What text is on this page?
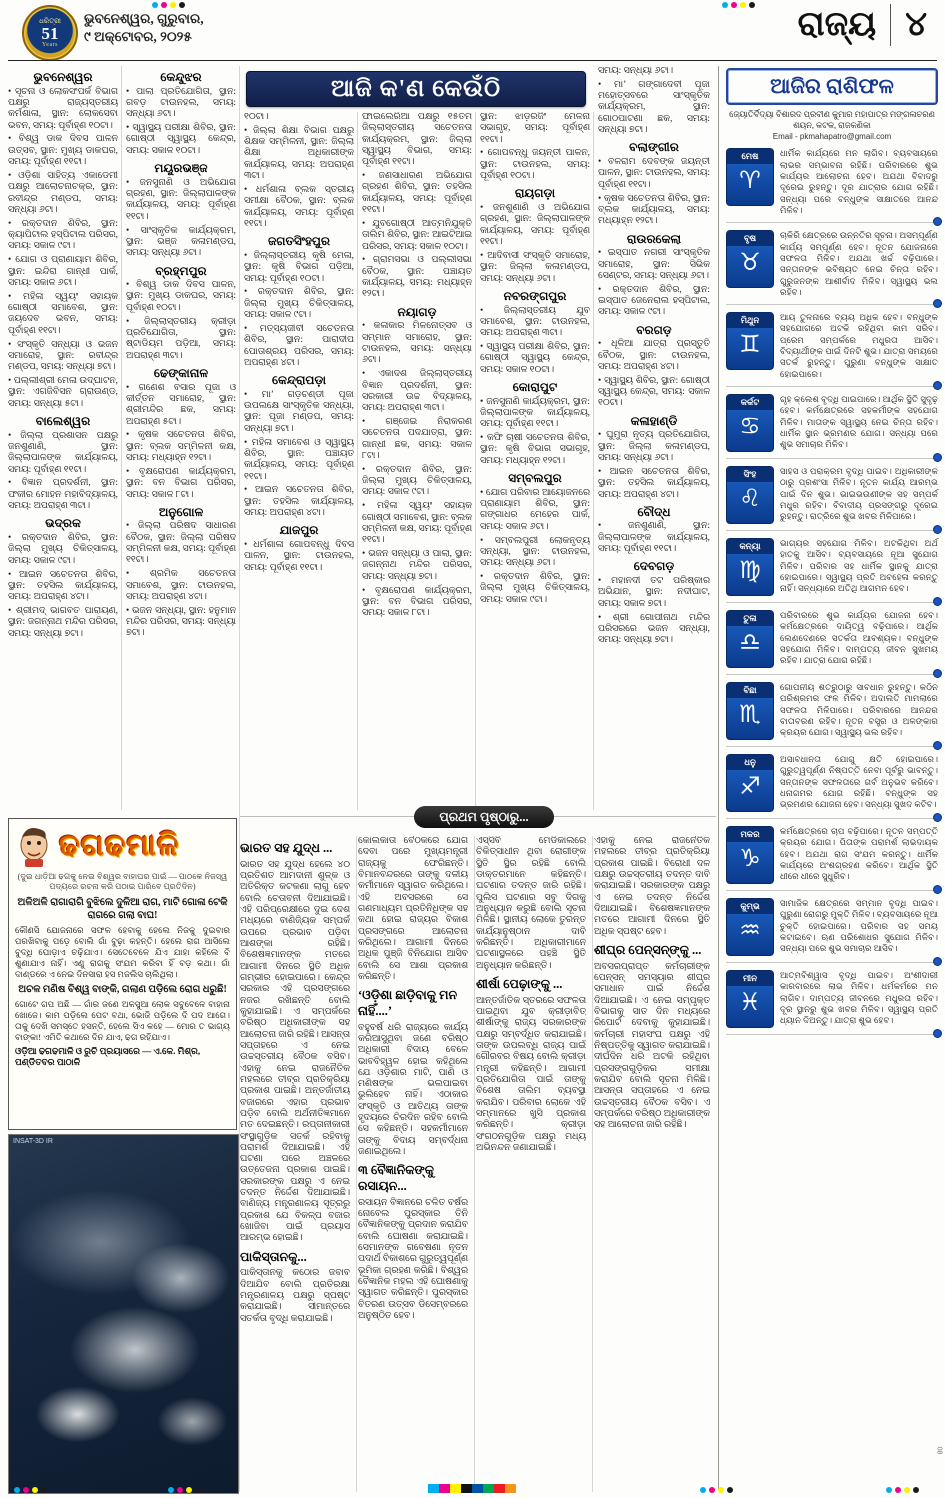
ଧରିତ୍ରୀ
51
Years
ଭୁବନେଶ୍ୱର, ଗୁରୁବାର,
୯ ଅକ୍ଟୋବର, ୨୦୨୫	ରାଜ୍ୟ ୪
ଆଜି କ'ଣ କେଉଁଠି
ଭୁବନେଶ୍ୱର
• ସୂଚନା ଓ ଲୋକସଂପର୍କ ବିଭାଗ ପକ୍ଷରୁ ରାଜ୍ୟସ୍ତରୀୟ କର୍ମଶାଳା, ସ୍ଥାନ: ଲୋକସେବା ଭବନ, ସମୟ: ପୂର୍ବାହ୍ଣ ୧୦ଟା।
• ବିଶ୍ୱ ଡାକ ଦିବସ ପାଳନ ଉତ୍ସବ, ସ୍ଥାନ: ମୁଖ୍ୟ ଡାକଘର, ସମୟ: ପୂର୍ବାହ୍ଣ ୧୧ଟା।
• ଓଡ଼ିଶା ସାହିତ୍ୟ ଏକାଡେମୀ ପକ୍ଷରୁ ଆଲୋଚନାଚକ୍ର, ସ୍ଥାନ: ରବୀନ୍ଦ୍ର ମଣ୍ଡପ, ସମୟ: ସନ୍ଧ୍ୟା ୬ଟା।
• ରକ୍ତଦାନ ଶିବିର, ସ୍ଥାନ: କ୍ୟାପିଟାଲ ହସ୍ପିଟାଲ ପରିସର, ସମୟ: ସକାଳ ୯ଟା।
• ଯୋଗ ଓ ପ୍ରାଣାୟାମ ଶିବିର, ସ୍ଥାନ: ଇନ୍ଦିରା ଗାନ୍ଧୀ ପାର୍କ, ସମୟ: ସକାଳ ୬ଟା।
• ମହିଳା ସ୍ୱୟଂ ସହାୟକ ଗୋଷ୍ଠୀ ସମାବେଶ, ସ୍ଥାନ: ଜୟଦେବ ଭବନ, ସମୟ: ପୂର୍ବାହ୍ଣ ୧୧ଟା।
• ସଂସ୍କୃତି ସନ୍ଧ୍ୟା ଓ ଭଜନ ସମାରୋହ, ସ୍ଥାନ: ରବୀନ୍ଦ୍ର ମଣ୍ଡପ, ସମୟ: ସନ୍ଧ୍ୟା ୭ଟା।
• ପଲ୍ଲୀଶ୍ରୀ ମେଳା ଉଦ୍‌ଘାଟନ, ସ୍ଥାନ: ଏଗଜିବିସନ ଗ୍ରାଉଣ୍ଡ, ସମୟ: ସନ୍ଧ୍ୟା ୫ଟା।
ବାଲେଶ୍ୱର
• ଜିଲ୍ଲା ପ୍ରଶାସନ ପକ୍ଷରୁ ଜନଶୁଣାଣି, ସ୍ଥାନ: ଜିଲ୍ଲାପାଳଙ୍କ କାର୍ଯ୍ୟାଳୟ, ସମୟ: ପୂର୍ବାହ୍ଣ ୧୧ଟା।
• ବିଜ୍ଞାନ ପ୍ରଦର୍ଶନୀ, ସ୍ଥାନ: ଫକୀର ମୋହନ ମହାବିଦ୍ୟାଳୟ, ସମୟ: ଅପରାହ୍ଣ ୩ଟା।
ଭଦ୍ରକ
• ରକ୍ତଦାନ ଶିବିର, ସ୍ଥାନ: ଜିଲ୍ଲା ମୁଖ୍ୟ ଚିକିତ୍ସାଳୟ, ସମୟ: ସକାଳ ୯ଟା।
• ଆଇନ ସଚେତନତା ଶିବିର, ସ୍ଥାନ: ତହସିଲ କାର୍ଯ୍ୟାଳୟ, ସମୟ: ଅପରାହ୍ଣ ୪ଟା।
• ଶ୍ରୀମଦ୍ ଭାଗବତ ପାରାୟଣ, ସ୍ଥାନ: ଜଗନ୍ନାଥ ମନ୍ଦିର ପରିସର, ସମୟ: ସନ୍ଧ୍ୟା ୭ଟା।
କେନ୍ଦୁଝର
• ପାଲା ପ୍ରତିଯୋଗିତା, ସ୍ଥାନ: ଗବଡ଼ ଟାଉନହଲ, ସମୟ: ସନ୍ଧ୍ୟା ୬ଟା।
• ସ୍ୱାସ୍ଥ୍ୟ ପରୀକ୍ଷା ଶିବିର, ସ୍ଥାନ: ଗୋଷ୍ଠୀ ସ୍ୱାସ୍ଥ୍ୟ କେନ୍ଦ୍ର, ସମୟ: ସକାଳ ୧୦ଟା।
ମୟୂରଭଞ୍ଜ
• ଜନସୁନାଣି ଓ ଅଭିଯୋଗ ଗ୍ରହଣ, ସ୍ଥାନ: ଜିଲ୍ଲାପାଳଙ୍କ କାର୍ଯ୍ୟାଳୟ, ସମୟ: ପୂର୍ବାହ୍ଣ ୧୧ଟା।
• ସାଂସ୍କୃତିକ କାର୍ଯ୍ୟକ୍ରମ, ସ୍ଥାନ: ଭଞ୍ଜ କଳାମଣ୍ଡପ, ସମୟ: ସନ୍ଧ୍ୟା ୬ଟା।
ବ୍ରହ୍ମପୁର
• ବିଶ୍ୱ ଡାକ ଦିବସ ପାଳନ, ସ୍ଥାନ: ମୁଖ୍ୟ ଡାକଘର, ସମୟ: ପୂର୍ବାହ୍ଣ ୧୦ଟା।
• ଜିଲ୍ଲାସ୍ତରୀୟ କ୍ରୀଡ଼ା ପ୍ରତିଯୋଗିତା, ସ୍ଥାନ: ଷ୍ଟାଡିୟମ ପଡ଼ିଆ, ସମୟ: ଅପରାହ୍ଣ ୩ଟା।
ଢେଙ୍କାନାଳ
• ଗଣେଶ ବସାର ପୂଜା ଓ କୀର୍ତ୍ତନ ସମାରୋହ, ସ୍ଥାନ: ଶ୍ରୀମନ୍ଦିର ଛକ, ସମୟ: ଅପରାହ୍ଣ ୫ଟା।
• କୃଷକ ସଚେତନତା ଶିବିର, ସ୍ଥାନ: ବ୍ଲକ ସମ୍ମିଳନୀ କକ୍ଷ, ସମୟ: ମଧ୍ୟାହ୍ନ ୧୨ଟା।
• ବୃକ୍ଷରୋପଣ କାର୍ଯ୍ୟକ୍ରମ, ସ୍ଥାନ: ବନ ବିଭାଗ ପରିସର, ସମୟ: ସକାଳ ୮ଟା।
ଅନୁଗୋଳ
• ଜିଲ୍ଲା ପରିଷଦ ସାଧାରଣ ବୈଠକ, ସ୍ଥାନ: ଜିଲ୍ଲା ପରିଷଦ ସମ୍ମିଳନୀ କକ୍ଷ, ସମୟ: ପୂର୍ବାହ୍ଣ ୧୧ଟା।
• ଶ୍ରମିକ ସଚେତନତା ସମାବେଶ, ସ୍ଥାନ: ଟାଉନହଲ, ସମୟ: ଅପରାହ୍ଣ ୪ଟା।
• ଭଜନ ସନ୍ଧ୍ୟା, ସ୍ଥାନ: ହନୁମାନ ମନ୍ଦିର ପରିସର, ସମୟ: ସନ୍ଧ୍ୟା ୭ଟା।
୧୦ଟା।
• ଜିଲ୍ଲା ଶିକ୍ଷା ବିଭାଗ ପକ୍ଷରୁ ଶିକ୍ଷକ ସମ୍ମିଳନୀ, ସ୍ଥାନ: ଜିଲ୍ଲା ଶିକ୍ଷା ଅଧିକାରୀଙ୍କ କାର୍ଯ୍ୟାଳୟ, ସମୟ: ଅପରାହ୍ଣ ୩ଟା।
• ଧର୍ମଶାଳା ବ୍ଲକ ସ୍ତରୀୟ ସମୀକ୍ଷା ବୈଠକ, ସ୍ଥାନ: ବ୍ଲକ କାର୍ଯ୍ୟାଳୟ, ସମୟ: ପୂର୍ବାହ୍ଣ ୧୧ଟା।
ଜଗତସିଂହପୁର
• ଜିଲ୍ଲାସ୍ତରୀୟ କୃଷି ମେଳା, ସ୍ଥାନ: କୃଷି ବିଭାଗ ପଡ଼ିଆ, ସମୟ: ପୂର୍ବାହ୍ଣ ୧୦ଟା।
• ରକ୍ତଦାନ ଶିବିର, ସ୍ଥାନ: ଜିଲ୍ଲା ମୁଖ୍ୟ ଚିକିତ୍ସାଳୟ, ସମୟ: ସକାଳ ୯ଟା।
• ମତ୍ସ୍ୟଜୀବୀ ସଚେତନତା ଶିବିର, ସ୍ଥାନ: ପାରାଦୀପ ପୋତାଶ୍ରୟ ପରିସର, ସମୟ: ଅପରାହ୍ଣ ୪ଟା।
କେନ୍ଦ୍ରାପଡ଼ା
• ମା’ ଗଡ଼ଚଣ୍ଡୀ ପୂଜା ଉପଲକ୍ଷେ ସାଂସ୍କୃତିକ ସନ୍ଧ୍ୟା, ସ୍ଥାନ: ପୂଜା ମଣ୍ଡପ, ସମୟ: ସନ୍ଧ୍ୟା ୭ଟା।
• ମହିଳା ସମାବେଶ ଓ ସ୍ୱାସ୍ଥ୍ୟ ଶିବିର, ସ୍ଥାନ: ପଞ୍ଚାୟତ କାର୍ଯ୍ୟାଳୟ, ସମୟ: ପୂର୍ବାହ୍ଣ ୧୧ଟା।
• ଆଇନ ସଚେତନତା ଶିବିର, ସ୍ଥାନ: ତହସିଲ କାର୍ଯ୍ୟାଳୟ, ସମୟ: ଅପରାହ୍ଣ ୪ଟା।
ଯାଜପୁର
• ଧର୍ମଶାଳା ଗୋପବନ୍ଧୁ ଦିବସ ପାଳନ, ସ୍ଥାନ: ଟାଉନହଲ, ସମୟ: ପୂର୍ବାହ୍ଣ ୧୧ଟା।
ଫାଇଲେରିଆ ପକ୍ଷରୁ ୧୫ତମ ଜିଲ୍ଲାସ୍ତରୀୟ ସଚେତନତା କାର୍ଯ୍ୟକ୍ରମ, ସ୍ଥାନ: ଜିଲ୍ଲା ସ୍ୱାସ୍ଥ୍ୟ ବିଭାଗ, ସମୟ: ପୂର୍ବାହ୍ଣ ୧୧ଟା।
• ଜଣସାଧାରଣ ଅଭିଯୋଗ ଗ୍ରହଣ ଶିବିର, ସ୍ଥାନ: ତହସିଲ କାର୍ଯ୍ୟାଳୟ, ସମୟ: ପୂର୍ବାହ୍ଣ ୧୧ଟା।
• ଯୁବଗୋଷ୍ଠୀ ଆତ୍ମନିଯୁକ୍ତି ତାଲିମ ଶିବିର, ସ୍ଥାନ: ଆଇଟିଆଇ ପରିସର, ସମୟ: ସକାଳ ୧୦ଟା।
• ଗ୍ରାମସଭା ଓ ପଲ୍ଲୀସଭା ବୈଠକ, ସ୍ଥାନ: ପଞ୍ଚାୟତ କାର୍ଯ୍ୟାଳୟ, ସମୟ: ମଧ୍ୟାହ୍ନ ୧୨ଟା।
ନୟାଗଡ଼
• କଳାକାର ମିଳନୋତ୍ସବ ଓ ସମ୍ମାନ ସମାରୋହ, ସ୍ଥାନ: ଟାଉନହଲ, ସମୟ: ସନ୍ଧ୍ୟା ୬ଟା।
• ଏକାଦଶ ଜିଲ୍ଲାସ୍ତରୀୟ ବିଜ୍ଞାନ ପ୍ରଦର୍ଶନୀ, ସ୍ଥାନ: ସରକାରୀ ଉଚ୍ଚ ବିଦ୍ୟାଳୟ, ସମୟ: ଅପରାହ୍ଣ ୩ଟା।
• ଗଞ୍ଜେଇ ନିରାକରଣ ସଚେତନତା ପଦଯାତ୍ରା, ସ୍ଥାନ: ଗାନ୍ଧୀ ଛକ, ସମୟ: ସକାଳ ୮ଟା।
• ରକ୍ତଦାନ ଶିବିର, ସ୍ଥାନ: ଜିଲ୍ଲା ମୁଖ୍ୟ ଚିକିତ୍ସାଳୟ, ସମୟ: ସକାଳ ୯ଟା।
• ମହିଳା ସ୍ୱୟଂ ସହାୟକ ଗୋଷ୍ଠୀ ସମାବେଶ, ସ୍ଥାନ: ବ୍ଲକ ସମ୍ମିଳନୀ କକ୍ଷ, ସମୟ: ପୂର୍ବାହ୍ଣ ୧୧ଟା।
• ଭଜନ ସନ୍ଧ୍ୟା ଓ ପାଲା, ସ୍ଥାନ: ଜଗନ୍ନାଥ ମନ୍ଦିର ପରିସର, ସମୟ: ସନ୍ଧ୍ୟା ୭ଟା।
• ବୃକ୍ଷରୋପଣ କାର୍ଯ୍ୟକ୍ରମ, ସ୍ଥାନ: ବନ ବିଭାଗ ପରିସର, ସମୟ: ସକାଳ ୮ଟା।
ସ୍ଥାନ: ଝାଡ଼ରଜିଂ ମେଳନା ସଭାଗୃହ, ସମୟ: ପୂର୍ବାହ୍ଣ ୧୧ଟା।
• ଗୋପବନ୍ଧୁ ଜୟନ୍ତୀ ପାଳନ, ସ୍ଥାନ: ଟାଉନହଲ, ସମୟ: ପୂର୍ବାହ୍ଣ ୧୦ଟା।
ରାୟଗଡ଼ା
• ଜନଶୁଣାଣି ଓ ଅଭିଯୋଗ ଗ୍ରହଣ, ସ୍ଥାନ: ଜିଲ୍ଲାପାଳଙ୍କ କାର୍ଯ୍ୟାଳୟ, ସମୟ: ପୂର୍ବାହ୍ଣ ୧୧ଟା।
• ଆଦିବାସୀ ସଂସ୍କୃତି ସମାରୋହ, ସ୍ଥାନ: ଜିଲ୍ଲା କଳାମଣ୍ଡପ, ସମୟ: ସନ୍ଧ୍ୟା ୬ଟା।
ନବରଙ୍ଗପୁର
• ଜିଲ୍ଲାସ୍ତରୀୟ ଯୁବ ସମାବେଶ, ସ୍ଥାନ: ଟାଉନହଲ, ସମୟ: ଅପରାହ୍ଣ ୩ଟା।
• ସ୍ୱାସ୍ଥ୍ୟ ପରୀକ୍ଷା ଶିବିର, ସ୍ଥାନ: ଗୋଷ୍ଠୀ ସ୍ୱାସ୍ଥ୍ୟ କେନ୍ଦ୍ର, ସମୟ: ସକାଳ ୧୦ଟା।
କୋରାପୁଟ
• ଜନସୁନାଣି କାର୍ଯ୍ୟକ୍ରମ, ସ୍ଥାନ: ଜିଲ୍ଲାପାଳଙ୍କ କାର୍ଯ୍ୟାଳୟ, ସମୟ: ପୂର୍ବାହ୍ଣ ୧୧ଟା।
• କଫି ଚାଷୀ ସଚେତନତା ଶିବିର, ସ୍ଥାନ: କୃଷି ବିଭାଗ ସଭାଗୃହ, ସମୟ: ମଧ୍ୟାହ୍ନ ୧୨ଟା।
ସମ୍ବଲପୁର
• ଯୋଗ ପରିବାର ଆୟୋଜନରେ ପ୍ରାଣାୟାମ ଶିବିର, ସ୍ଥାନ: ଗଙ୍ଗାଧର ମେହେର ପାର୍କ, ସମୟ: ସକାଳ ୬ଟା।
• ସମ୍ବଲପୁରୀ ଲୋକନୃତ୍ୟ ସନ୍ଧ୍ୟା, ସ୍ଥାନ: ଟାଉନହଲ, ସମୟ: ସନ୍ଧ୍ୟା ୬ଟା।
• ରକ୍ତଦାନ ଶିବିର, ସ୍ଥାନ: ଜିଲ୍ଲା ମୁଖ୍ୟ ଚିକିତ୍ସାଳୟ, ସମୟ: ସକାଳ ୯ଟା।
ସମୟ: ସନ୍ଧ୍ୟା ୬ଟା।
• ମା’ ଗଙ୍ଗାଦେବୀ ପୂଜା ମହୋତ୍ସବରେ ସାଂସ୍କୃତିକ କାର୍ଯ୍ୟକ୍ରମ, ସ୍ଥାନ: ଗୋଠପାଟଣା ଛକ, ସମୟ: ସନ୍ଧ୍ୟା ୭ଟା।
ବଲାଙ୍ଗୀର
• ବଳରାମ ଦେବଙ୍କ ଜୟନ୍ତୀ ପାଳନ, ସ୍ଥାନ: ଟାଉନହଲ, ସମୟ: ପୂର୍ବାହ୍ଣ ୧୧ଟା।
• କୃଷକ ସଚେତନତା ଶିବିର, ସ୍ଥାନ: ବ୍ଲକ କାର୍ଯ୍ୟାଳୟ, ସମୟ: ମଧ୍ୟାହ୍ନ ୧୨ଟା।
ରାଉରକେଲା
• ଇସ୍ପାତ ନଗରୀ ସାଂସ୍କୃତିକ ସମାରୋହ, ସ୍ଥାନ: ସିଭିକ ସେଣ୍ଟର, ସମୟ: ସନ୍ଧ୍ୟା ୬ଟା।
• ରକ୍ତଦାନ ଶିବିର, ସ୍ଥାନ: ଇସ୍ପାତ ଜେନେରାଲ ହସ୍ପିଟାଲ, ସମୟ: ସକାଳ ୯ଟା।
ବରଗଡ଼
• ଧୂଳିଆ ଯାତ୍ରା ପ୍ରସ୍ତୁତି ବୈଠକ, ସ୍ଥାନ: ଟାଉନହଲ, ସମୟ: ଅପରାହ୍ଣ ୪ଟା।
• ସ୍ୱାସ୍ଥ୍ୟ ଶିବିର, ସ୍ଥାନ: ଗୋଷ୍ଠୀ ସ୍ୱାସ୍ଥ୍ୟ କେନ୍ଦ୍ର, ସମୟ: ସକାଳ ୧୦ଟା।
କଳାହାଣ୍ଡି
• ଘୁମୁରା ନୃତ୍ୟ ପ୍ରତିଯୋଗିତା, ସ୍ଥାନ: ଜିଲ୍ଲା କଳାମଣ୍ଡପ, ସମୟ: ସନ୍ଧ୍ୟା ୬ଟା।
• ଆଇନ ସଚେତନତା ଶିବିର, ସ୍ଥାନ: ତହସିଲ କାର୍ଯ୍ୟାଳୟ, ସମୟ: ଅପରାହ୍ଣ ୪ଟା।
ବୌଦ୍ଧ
• ଜନଶୁଣାଣି, ସ୍ଥାନ: ଜିଲ୍ଲାପାଳଙ୍କ କାର୍ଯ୍ୟାଳୟ, ସମୟ: ପୂର୍ବାହ୍ଣ ୧୧ଟା।
ଦେବଗଡ଼
• ମହାନଦୀ ତଟ ପରିଷ୍କାର ଅଭିଯାନ, ସ୍ଥାନ: ନଦୀଘାଟ, ସମୟ: ସକାଳ ୭ଟା।
• ଶ୍ରୀ ଗୋପୀନାଥ ମନ୍ଦିର ପରିସରରେ ଭଜନ ସନ୍ଧ୍ୟା, ସମୟ: ସନ୍ଧ୍ୟା ୭ଟା।
ଆଜିର ରାଶିଫଳ
ଜ୍ୟୋତିର୍ବିଦ୍ୟା ବିଶାରଦ ପ୍ରବୀଣ କୁମାର ମହାପାତ୍ର ମଙ୍ଗଳାଚରଣ ଶୟନ, କଟକ, ରାଜକଣିକା
Email - pkmahapatro@gmail.com
ମେଷ
♈
ଧାର୍ମିକ କାର୍ଯ୍ୟରେ ମନ ଲାଗିବ। ବ୍ୟବସାୟରେ ଲାଭର ସମ୍ଭାବନା ରହିଛି। ପରିବାରରେ ଶୁଭ କାର୍ଯ୍ୟର ଆଲୋଚନା ହେବ। ଅଯଥା ବିବାଦରୁ ଦୂରେଇ ରୁହନ୍ତୁ। ଦୂର ଯାତ୍ରାର ଯୋଗ ରହିଛି। ସନ୍ଧ୍ୟା ପରେ ବନ୍ଧୁଙ୍କ ସାକ୍ଷାତରେ ଆନନ୍ଦ ମିଳିବ।
ବୃଷ
♉
ଚାକିରି କ୍ଷେତ୍ରରେ ଉନ୍ନତିର ସୂଚନା। ଅସମ୍ପୂର୍ଣ୍ଣ କାର୍ଯ୍ୟ ସମ୍ପୂର୍ଣ୍ଣ ହେବ। ନୂତନ ଯୋଜନାରେ ସଫଳତା ମିଳିବ। ଅଯଥା ଖର୍ଚ୍ଚ ବଢ଼ିପାରେ। ସନ୍ତାନଙ୍କ ଭବିଷ୍ୟତ ନେଇ ଚିନ୍ତା ରହିବ। ଗୁରୁଜନଙ୍କ ଆଶୀର୍ବାଦ ମିଳିବ। ସ୍ୱାସ୍ଥ୍ୟ ଭଲ ରହିବ।
ମିଥୁନ
♊
ଆୟ ତୁଳନାରେ ବ୍ୟୟ ଅଧିକ ହେବ। ବନ୍ଧୁଙ୍କ ସହଯୋଗରେ ଅଟକି ରହିଥିବା କାମ ସରିବ। ପ୍ରେମ ସମ୍ପର୍କରେ ମଧୁରତା ଆସିବ। ବିଦ୍ୟାର୍ଥୀଙ୍କ ପାଇଁ ଦିନଟି ଶୁଭ। ଯାତ୍ରା ସମୟରେ ସତର୍କ ରୁହନ୍ତୁ। ପୁରୁଣା ବନ୍ଧୁଙ୍କ ସାକ୍ଷାତ ହୋଇପାରେ।
କର୍କଟ
♋
ଗୃହ କ୍ଲେଶ ବୃଦ୍ଧି ପାଇପାରେ। ଆର୍ଥିକ ସ୍ଥିତି ସୁଦୃଢ଼ ହେବ। କର୍ମକ୍ଷେତ୍ରରେ ସହକର୍ମୀଙ୍କ ସହଯୋଗ ମିଳିବ। ମାତାଙ୍କ ସ୍ୱାସ୍ଥ୍ୟ ନେଇ ଚିନ୍ତା ରହିବ। ଧାର୍ମିକ ସ୍ଥାନ ଭ୍ରମଣର ଯୋଗ। ସନ୍ଧ୍ୟା ପରେ ଶୁଭ ସମାଚାର ମିଳିବ।
ସିଂହ
♌
ସାହସ ଓ ପରାକ୍ରମ ବୃଦ୍ଧି ପାଇବ। ଅଧିକାରୀଙ୍କ ଠାରୁ ପ୍ରଶଂସା ମିଳିବ। ନୂତନ କାର୍ଯ୍ୟ ଆରମ୍ଭ ପାଇଁ ଦିନ ଶୁଭ। ଭାଇଭଉଣୀଙ୍କ ସହ ସମ୍ପର୍କ ମଧୁର ରହିବ। ବିବାଦୀୟ ପ୍ରସଙ୍ଗରୁ ଦୂରେଇ ରୁହନ୍ତୁ। ରାତ୍ରିରେ ଶୁଭ ଖବର ମିଳିପାରେ।
କନ୍ୟା
♍
ଭାଗ୍ୟର ସହଯୋଗ ମିଳିବ। ଅଟକିଥିବା ଅର୍ଥ ହାତକୁ ଆସିବ। ବ୍ୟବସାୟରେ ନୂଆ ସୁଯୋଗ ମିଳିବ। ପରିବାର ସହ ଧାର୍ମିକ ସ୍ଥାନକୁ ଯାତ୍ରା ହୋଇପାରେ। ସ୍ୱାସ୍ଥ୍ୟ ପ୍ରତି ଅବହେଳା କରନ୍ତୁ ନାହିଁ। ସନ୍ଧ୍ୟାରେ ଅତିଥି ଆଗମନ ହେବ।
ତୁଳା
♎
ପରିବାରରେ ଶୁଭ କାର୍ଯ୍ୟର ଯୋଜନା ହେବ। କର୍ମକ୍ଷେତ୍ରରେ ଦାୟିତ୍ୱ ବଢ଼ିପାରେ। ଆର୍ଥିକ ଲେଣଦେଣରେ ସତର୍କତା ଆବଶ୍ୟକ। ବନ୍ଧୁଙ୍କ ସହଯୋଗ ମିଳିବ। ଦାମ୍ପତ୍ୟ ଜୀବନ ସୁଖମୟ ରହିବ। ଯାତ୍ରା ଯୋଗ ରହିଛି।
ବିଛା
♏
ଗୋପନୀୟ ଶତ୍ରୁଠାରୁ ସାବଧାନ ରୁହନ୍ତୁ। କଠିନ ପରିଶ୍ରମର ଫଳ ମିଳିବ। ଅଦାଲତି ମାମଲାରେ ସଫଳତା ମିଳିପାରେ। ପରିବାରରେ ଆନନ୍ଦର ବାତାବରଣ ରହିବ। ନୂତନ ବସ୍ତ୍ର ଓ ଅଳଙ୍କାର କ୍ରୟର ଯୋଗ। ସ୍ୱାସ୍ଥ୍ୟ ଭଲ ରହିବ।
ଧନୁ
♐
ଅସାବଧାନତା ଯୋଗୁ କ୍ଷତି ହୋଇପାରେ। ଗୁରୁତ୍ୱପୂର୍ଣ୍ଣ ନିଷ୍ପତ୍ତି ନେବା ପୂର୍ବରୁ ଭାବନ୍ତୁ। ସନ୍ତାନଙ୍କ ସଫଳତାରେ ଗର୍ବ ଅନୁଭବ କରିବେ। ଧନାଗମର ଯୋଗ ରହିଛି। ବନ୍ଧୁଙ୍କ ସହ ଭ୍ରମଣର ଯୋଜନା ହେବ। ସନ୍ଧ୍ୟା ସୁଖଦ କଟିବ।
ମକର
♑
କର୍ମକ୍ଷେତ୍ରରେ ଚାପ ବଢ଼ିପାରେ। ନୂତନ ସମ୍ପତ୍ତି କ୍ରୟର ଯୋଗ। ପିତାଙ୍କ ପରାମର୍ଶ ଲାଭଦାୟକ ହେବ। ଅଯଥା ରାଗ ସଂଯମ କରନ୍ତୁ। ଧାର୍ମିକ କାର୍ଯ୍ୟରେ ଅଂଶଗ୍ରହଣ କରିବେ। ଆର୍ଥିକ ସ୍ଥିତି ଧୀରେ ଧୀରେ ସୁଧୁରିବ।
କୁମ୍ଭ
♒
ସାମାଜିକ କ୍ଷେତ୍ରରେ ସମ୍ମାନ ବୃଦ୍ଧି ପାଇବ। ପୁରୁଣା ରୋଗରୁ ମୁକ୍ତି ମିଳିବ। ବ୍ୟବସାୟରେ ନୂଆ ଚୁକ୍ତି ହୋଇପାରେ। ପରିବାର ସହ ସମୟ କଟାଇବେ। ଋଣ ପରିଶୋଧର ସୁଯୋଗ ମିଳିବ। ସନ୍ଧ୍ୟା ପରେ ଶୁଭ ସମାଚାର ଆସିବ।
ମୀନ
♓
ଆତ୍ମବିଶ୍ୱାସ ବୃଦ୍ଧି ପାଇବ। ଅଂଶୀଦାରୀ କାରବାରରେ ଲାଭ ମିଳିବ। ଧର୍ମକର୍ମରେ ମନ ଲାଗିବ। ଦାମ୍ପତ୍ୟ ଜୀବନରେ ମଧୁରତା ରହିବ। ଦୂର ସ୍ଥାନରୁ ଶୁଭ ଖବର ମିଳିବ। ସ୍ୱାସ୍ଥ୍ୟ ପ୍ରତି ଧ୍ୟାନ ଦିଅନ୍ତୁ। ଯାତ୍ରା ଶୁଭ ହେବ।
ଢଗଢମାଳି

(ଦୁଇ ଧାଡ଼ିଆ ଢଗକୁ ନେଇ ବିଶ୍ୱର ବାହାଘର ପାଇଁ — ପାଠକେ ନିଜସ୍ୱ ପଦ୍ୟରେ ରଚନା କରି ପଠାଇ ପାରିବେ ପ୍ରତିଦିନ)

ଅଳିଅଳି ରାଗାରାଗି ବୁଝିଲେ ଦୁଳିଆ ରାଗ, ମାଟି ଗୋଳା ଟେକି ରାଗରେ ଗଲା ବାଘ!

କୌଣସି ଯୋଜନାରେ ସଫଳ ହେବାକୁ ହେଲେ ନିଜକୁ ଦୁଇବାର ପରଖିବାକୁ ପଡ଼େ ବୋଲି ଗାଁ ବୁଢ଼ା କହନ୍ତି। ହେଲେ ରାଗ ଆସିଲେ ବୁଦ୍ଧି ଘୋଡ଼ାଏ ଚଢ଼ିଯାଏ। ସେତେବେଳେ ଯିଏ ଯାହା କହିଲେ ବି ଶୁଣାଯାଏ ନାହିଁ। ଏଣୁ ରାଗକୁ ସଂଯମ କରିବା ହିଁ ବଡ଼ କଥା। ଗାଁ ଦାଣ୍ଡରେ ଏ ନେଇ ଦିନସାରା ହସ ମଜଲିସ ଚାଲିଥିଲା।

ଅଚଳ ମଣିଷ ବିଶ୍ୱ ବାଙ୍କି, ଗଲାଣ ପଡ଼ିଲେ ରୋଗ ଧରୁଛି!

ଗୋଟେ ଗପ ଅଛି — ଗାଁର ଜଣେ ଅଳସୁଆ ଲୋକ ସବୁବେଳେ ବାହାନା ଖୋଜେ। କାମ ପଡ଼ିଲେ ପେଟ ବଥା, ଭୋଜି ପଡ଼ିଲେ ଦି ପଦ ଆଗେ। ତାକୁ ଦେଖି ସମସ୍ତେ ହସନ୍ତି, ହେଲେ ସିଏ କହେ — ମୋର ତ ଭାଗ୍ୟ ବାଙ୍କା! ଏମିତି କଥାରେ ଦିନ ଯାଏ, ଢଗ ରହିଯାଏ।

ଓଡ଼ିଆ ଢଗଢମାଳି ଓ ରୁଚି ପ୍ରୟାସରେ — ଏ.କେ. ମିଶ୍ର, ପଣ୍ଡିତବର ପାଠାଳି

INSAT-3D IR
ପ୍ରଥମ ପୃଷ୍ଠାରୁ...
ଭାରତ ସହ ଯୁଦ୍ଧ ...
ଭାରତ ସହ ଯୁଦ୍ଧ ହେଲେ ୪୦ ପ୍ରତିଶତ ଆମଦାନୀ ଶୁଳ୍କ ଓ ଅତିରିକ୍ତ କଟକଣା ଲାଗୁ ହେବ ବୋଲି ଚେତାବନୀ ଦିଆଯାଇଛି। ଏହି ପରିପ୍ରେକ୍ଷୀରେ ଦୁଇ ଦେଶ ମଧ୍ୟରେ ବାଣିଜ୍ୟିକ ସମ୍ପର୍କ ଉପରେ ପ୍ରଭାବ ପଡ଼ିବା ଆଶଙ୍କା ରହିଛି। ବିଶେଷଜ୍ଞମାନଙ୍କ ମତରେ ଆଗାମୀ ଦିନରେ ସ୍ଥିତି ଅଧିକ ଗମ୍ଭୀର ହୋଇପାରେ। କେନ୍ଦ୍ର ସରକାର ଏହି ପ୍ରସଙ୍ଗରେ ନଜର ରଖିଛନ୍ତି ବୋଲି କୁହାଯାଇଛି। ଏ ସମ୍ପର୍କରେ ବରିଷ୍ଠ ଅଧିକାରୀଙ୍କ ସହ ଆଲୋଚନା ଜାରି ରହିଛି। ଆସନ୍ତା ସପ୍ତାହରେ ଏ ନେଇ ଉଚ୍ଚସ୍ତରୀୟ ବୈଠକ ବସିବ। ଏହାକୁ ନେଇ ରାଜନୈତିକ ମହଲରେ ତୀବ୍ର ପ୍ରତିକ୍ରିୟା ପ୍ରକାଶ ପାଇଛି। ଅନ୍ତର୍ଜାତୀୟ ବଜାରରେ ଏହାର ପ୍ରଭାବ ପଡ଼ିବ ବୋଲି ଅର୍ଥନୀତିଜ୍ଞମାନେ ମତ ଦେଇଛନ୍ତି। ରପ୍ତାନୀକାରୀ ସଂସ୍ଥାଗୁଡ଼ିକ ସତର୍କ ରହିବାକୁ ପରାମର୍ଶ ଦିଆଯାଇଛି। ଏହି ଘଟଣା ପରେ ଅଞ୍ଚଳରେ ଉତ୍ତେଜନା ପ୍ରକାଶ ପାଇଛି। ସରକାରଙ୍କ ପକ୍ଷରୁ ଏ ନେଇ ତଦନ୍ତ ନିର୍ଦ୍ଦେଶ ଦିଆଯାଇଛି। ବାଣିଜ୍ୟ ମନ୍ତ୍ରଣାଳୟ ସୂତ୍ରରୁ ପ୍ରକାଶ ଯେ ବିକଳ୍ପ ବଜାର ଖୋଜିବା ପାଇଁ ପ୍ରୟାସ ଆରମ୍ଭ ହୋଇଛି।
ପାକିସ୍ତାନକୁ...
ପାକିସ୍ତାନକୁ କଠୋର ଜବାବ ଦିଆଯିବ ବୋଲି ପ୍ରତିରକ୍ଷା ମନ୍ତ୍ରଣାଳୟ ପକ୍ଷରୁ ସ୍ପଷ୍ଟ କରାଯାଇଛି। ସୀମାନ୍ତରେ ସତର୍କତା ବୃଦ୍ଧି କରାଯାଇଛି।
କୋଲକାତା ବୈଠକରେ ଯୋଗ ଦେବା ପରେ ମୁଖ୍ୟମନ୍ତ୍ରୀ ରାଜ୍ୟକୁ ଫେରିଛନ୍ତି। ବିମାନବନ୍ଦରରେ ତାଙ୍କୁ ଦଳୀୟ କର୍ମୀମାନେ ସ୍ୱାଗତ କରିଥିଲେ। ଏହି ଅବସରରେ ସେ ଗଣମାଧ୍ୟମ ପ୍ରତିନିଧିଙ୍କ ସହ କଥା ହୋଇ ରାଜ୍ୟର ବିକାଶ ପ୍ରସଙ୍ଗରେ ଆଲୋଚନା କରିଥିଲେ। ଆଗାମୀ ଦିନରେ ଅଧିକ ପୁଞ୍ଜି ବିନିଯୋଗ ଆସିବ ବୋଲି ସେ ଆଶା ପ୍ରକାଶ କରିଛନ୍ତି।
‘ଓଡ଼ିଶା ଛାଡ଼ିବାକୁ ମନ ନାହିଁ....’
ବହୁବର୍ଷ ଧରି ରାଜ୍ୟରେ କାର୍ଯ୍ୟ କରିଆସୁଥିବା ଜଣେ ବରିଷ୍ଠ ଅଧିକାରୀ ବିଦାୟ ବେଳେ ଭାବବିହ୍ୱଳ ହୋଇ କହିଥିଲେ ଯେ ଓଡ଼ିଶାର ମାଟି, ପାଣି ଓ ମଣିଷଙ୍କ ଭଲପାଇବା ଭୁଲିହେବ ନାହିଁ। ଏଠାକାର ସଂସ୍କୃତି ଓ ଆତିଥ୍ୟ ତାଙ୍କ ହୃଦୟରେ ଚିରଦିନ ରହିବ ବୋଲି ସେ କହିଛନ୍ତି। ସହକର୍ମୀମାନେ ତାଙ୍କୁ ବିଦାୟ ସମ୍ବର୍ଦ୍ଧନା ଜଣାଇଥିଲେ।
୩ ବୈଜ୍ଞାନିକଙ୍କୁ ରସାୟନ...
ରସାୟନ ବିଜ୍ଞାନରେ ଚଳିତ ବର୍ଷର ନୋବେଲ ପୁରସ୍କାର ତିନି ବୈଜ୍ଞାନିକଙ୍କୁ ପ୍ରଦାନ କରାଯିବ ବୋଲି ଘୋଷଣା କରାଯାଇଛି। ସେମାନଙ୍କ ଗବେଷଣା ନୂତନ ପଦାର୍ଥ ବିକାଶରେ ଗୁରୁତ୍ୱପୂର୍ଣ୍ଣ ଭୂମିକା ଗ୍ରହଣ କରିଛି। ବିଶ୍ୱର ବୈଜ୍ଞାନିକ ମହଲ ଏହି ଘୋଷଣାକୁ ସ୍ୱାଗତ କରିଛନ୍ତି। ପୁରସ୍କାର ବିତରଣ ଉତ୍ସବ ଡିସେମ୍ବରରେ ଅନୁଷ୍ଠିତ ହେବ।
ଏସ୍‌ସିବି ମେଡିକାଲରେ ଚିକିତ୍ସାଧୀନ ଥିବା ରୋଗୀଙ୍କ ସ୍ଥିତି ସ୍ଥିର ରହିଛି ବୋଲି ଡାକ୍ତରମାନେ କହିଛନ୍ତି। ଘଟଣାର ତଦନ୍ତ ଜାରି ରହିଛି। ପୁଲିସ ଘଟଣାର ସବୁ ଦିଗକୁ ଅନୁଧ୍ୟାନ କରୁଛି ବୋଲି ସୂଚନା ମିଳିଛି। ସ୍ଥାନୀୟ ଲୋକେ ତୁରନ୍ତ କାର୍ଯ୍ୟାନୁଷ୍ଠାନ ଦାବି କରିଛନ୍ତି। ଅଧିକାରୀମାନେ ଘଟଣାସ୍ଥଳରେ ପହଞ୍ଚି ସ୍ଥିତି ଅନୁଧ୍ୟାନ କରିଛନ୍ତି।
ଶୀର୍ଷା ପେଢ଼ାଙ୍କୁ ...
ଆନ୍ତର୍ଜାତିକ ସ୍ତରରେ ସଫଳତା ପାଇଥିବା ଯୁବ କ୍ରୀଡ଼ାବିତ୍ ଶୀର୍ଷାଙ୍କୁ ରାଜ୍ୟ ସରକାରଙ୍କ ପକ୍ଷରୁ ସମ୍ବର୍ଦ୍ଧିତ କରାଯାଇଛି। ତାଙ୍କ ଉପଲବ୍ଧି ରାଜ୍ୟ ପାଇଁ ଗୌରବର ବିଷୟ ବୋଲି କ୍ରୀଡ଼ା ମନ୍ତ୍ରୀ କହିଛନ୍ତି। ଆଗାମୀ ପ୍ରତିଯୋଗିତା ପାଇଁ ତାଙ୍କୁ ବିଶେଷ ତାଲିମ ବ୍ୟବସ୍ଥା କରାଯିବ। ପରିବାର ଲୋକେ ଏହି ସମ୍ମାନରେ ଖୁସି ପ୍ରକାଶ କରିଛନ୍ତି। କ୍ରୀଡ଼ା ସଂଗଠନଗୁଡ଼ିକ ପକ୍ଷରୁ ମଧ୍ୟ ଅଭିନନ୍ଦନ ଜଣାଯାଇଛି।
ଏହାକୁ ନେଇ ରାଜନୈତିକ ମହଲରେ ତୀବ୍ର ପ୍ରତିକ୍ରିୟା ପ୍ରକାଶ ପାଇଛି। ବିରୋଧୀ ଦଳ ପକ୍ଷରୁ ଉଚ୍ଚସ୍ତରୀୟ ତଦନ୍ତ ଦାବି କରାଯାଇଛି। ସରକାରଙ୍କ ପକ୍ଷରୁ ଏ ନେଇ ତଦନ୍ତ ନିର୍ଦ୍ଦେଶ ଦିଆଯାଇଛି। ବିଶେଷଜ୍ଞମାନଙ୍କ ମତରେ ଆଗାମୀ ଦିନରେ ସ୍ଥିତି ଅଧିକ ସ୍ପଷ୍ଟ ହେବ।
ଶୀଘ୍ର ପେନ୍‌ସନ୍‌ଙ୍କୁ ...
ଅବସରପ୍ରାପ୍ତ କର୍ମଚାରୀଙ୍କ ପେନ୍‌ସନ୍ ସମସ୍ୟାର ଶୀଘ୍ର ସମାଧାନ ପାଇଁ ନିର୍ଦ୍ଦେଶ ଦିଆଯାଇଛି। ଏ ନେଇ ସମ୍ପୃକ୍ତ ବିଭାଗକୁ ସାତ ଦିନ ମଧ୍ୟରେ ରିପୋର୍ଟ ଦେବାକୁ କୁହାଯାଇଛି। କର୍ମଚାରୀ ମହାସଂଘ ପକ୍ଷରୁ ଏହି ନିଷ୍ପତ୍ତିକୁ ସ୍ୱାଗତ କରାଯାଇଛି। ଦୀର୍ଘଦିନ ଧରି ଅଟକି ରହିଥିବା ପ୍ରସଙ୍ଗଗୁଡ଼ିକର ସମୀକ୍ଷା କରାଯିବ ବୋଲି ସୂଚନା ମିଳିଛି। ଆସନ୍ତା ସପ୍ତାହରେ ଏ ନେଇ ଉଚ୍ଚସ୍ତରୀୟ ବୈଠକ ବସିବ। ଏ ସମ୍ପର୍କରେ ବରିଷ୍ଠ ଅଧିକାରୀଙ୍କ ସହ ଆଲୋଚନା ଜାରି ରହିଛି।
08
